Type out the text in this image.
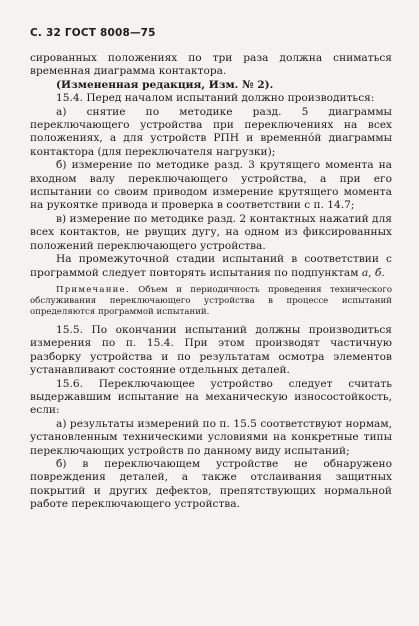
С. 32 ГОСТ 8008—75

сированных положениях по три раза должна сниматься временная диаграмма контактора.

(Измененная редакция, Изм. № 2).

15.4. Перед началом испытаний должно производиться:

а) снятие по методике разд. 5 диаграммы переключающего устройства при переключениях на всех положениях, а для устройств РПН и временно́й диаграммы контактора (для переключателя нагрузки);

б) измерение по методике разд. 3 крутящего момента на входном валу переключающего устройства, а при его испытании со своим приводом измерение крутящего момента на рукоятке привода и проверка в соответствии с п. 14.7;

в) измерение по методике разд. 2 контактных нажатий для всех контактов, не рвущих дугу, на одном из фиксированных положений переключающего устройства.

На промежуточной стадии испытаний в соответствии с программой следует повторять испытания по подпунктам а, б.

Примечание. Объем и периодичность проведения технического обслуживания переключающего устройства в процессе испытаний определяются программой испытаний.

15.5. По окончании испытаний должны производиться измерения по п. 15.4. При этом производят частичную разборку устройства и по результатам осмотра элементов устанавливают состояние отдельных деталей.

15.6. Переключающее устройство следует считать выдержавшим испытание на механическую износостойкость, если:

а) результаты измерений по п. 15.5 соответствуют нормам, установленным техническими условиями на конкретные типы переключающих устройств по данному виду испытаний;

б) в переключающем устройстве не обнаружено повреждения деталей, а также отслаивания защитных покрытий и других дефектов, препятствующих нормальной работе переключающего устройства.
